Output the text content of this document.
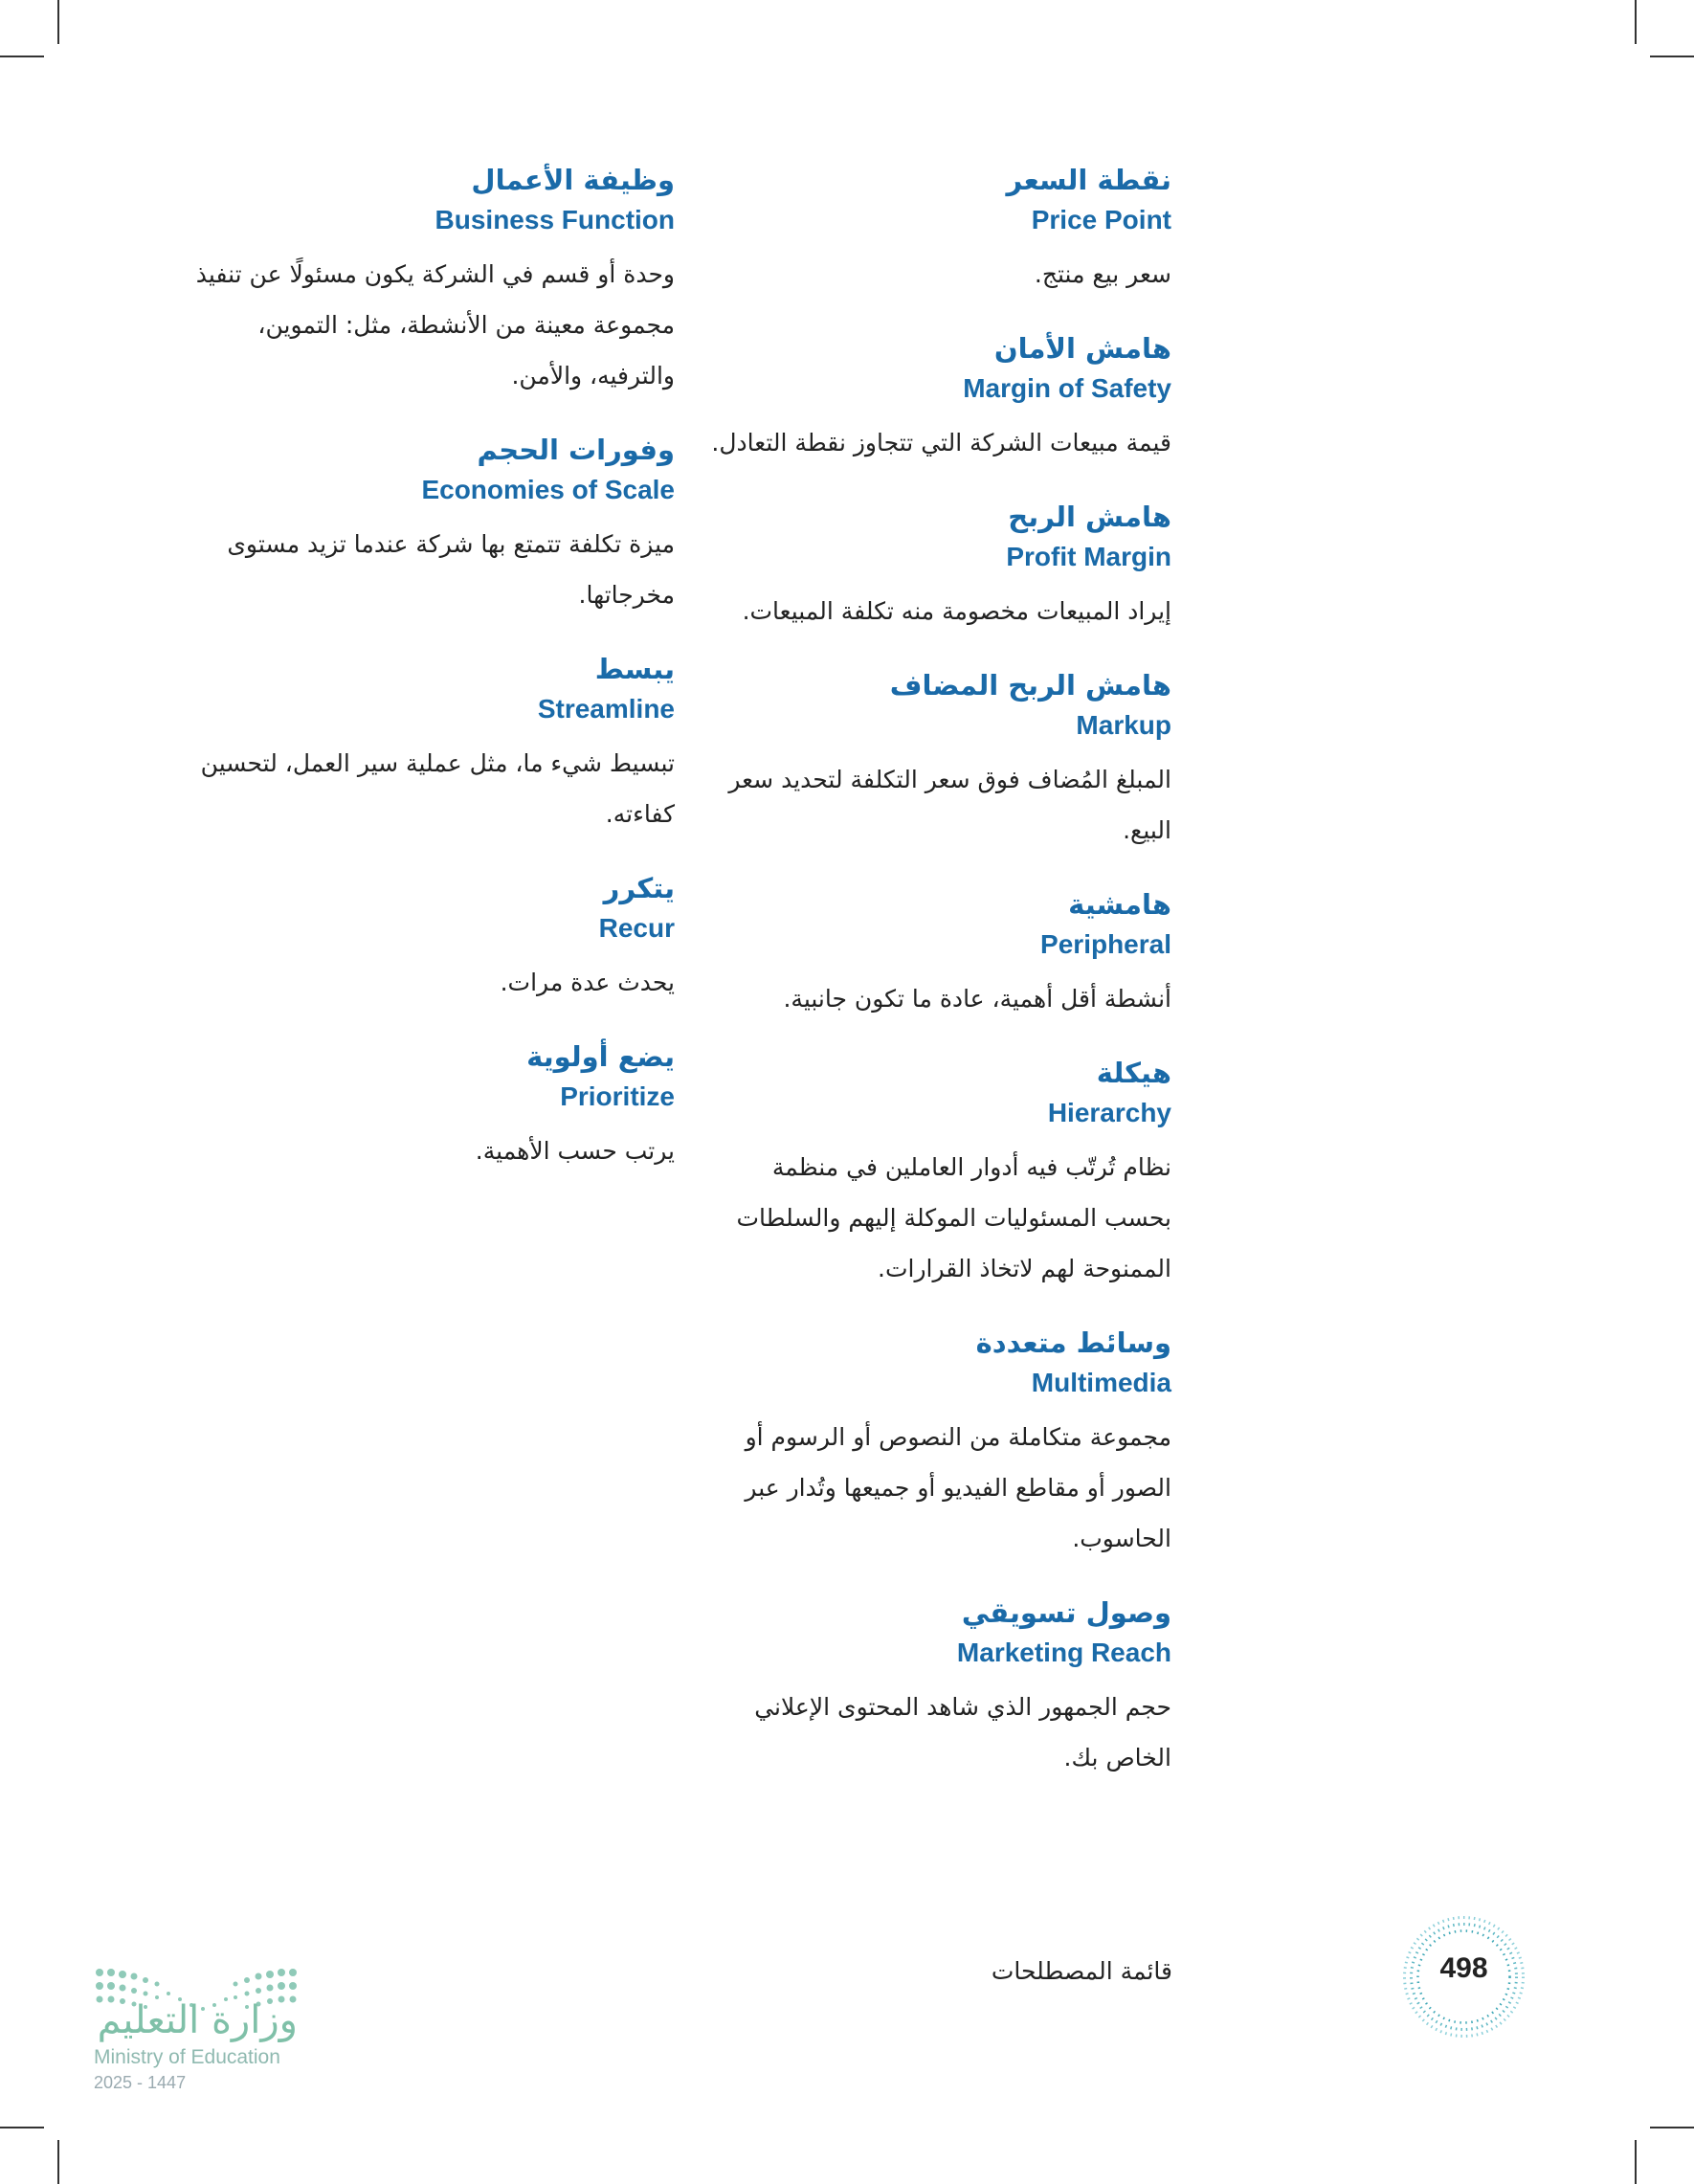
نقطة السعر
Price Point
سعر بيع منتج.
هامش الأمان
Margin of Safety
قيمة مبيعات الشركة التي تتجاوز نقطة التعادل.
هامش الربح
Profit Margin
إيراد المبيعات مخصومة منه تكلفة المبيعات.
هامش الربح المضاف
Markup
المبلغ المُضاف فوق سعر التكلفة لتحديد سعر البيع.
هامشية
Peripheral
أنشطة أقل أهمية، عادة ما تكون جانبية.
هيكلة
Hierarchy
نظام تُرتّب فيه أدوار العاملين في منظمة بحسب المسئوليات الموكلة إليهم والسلطات الممنوحة لهم لاتخاذ القرارات.
وسائط متعددة
Multimedia
مجموعة متكاملة من النصوص أو الرسوم أو الصور أو مقاطع الفيديو أو جميعها وتُدار عبر الحاسوب.
وصول تسويقي
Marketing Reach
حجم الجمهور الذي شاهد المحتوى الإعلاني الخاص بك.
وظيفة الأعمال
Business Function
وحدة أو قسم في الشركة يكون مسئولًا عن تنفيذ مجموعة معينة من الأنشطة، مثل: التموين، والترفيه، والأمن.
وفورات الحجم
Economies of Scale
ميزة تكلفة تتمتع بها شركة عندما تزيد مستوى مخرجاتها.
يبسط
Streamline
تبسيط شيء ما، مثل عملية سير العمل، لتحسين كفاءته.
يتكرر
Recur
يحدث عدة مرات.
يضع أولوية
Prioritize
يرتب حسب الأهمية.
قائمة المصطلحات	498
وزارة التعليم
Ministry of Education
2025 - 1447
